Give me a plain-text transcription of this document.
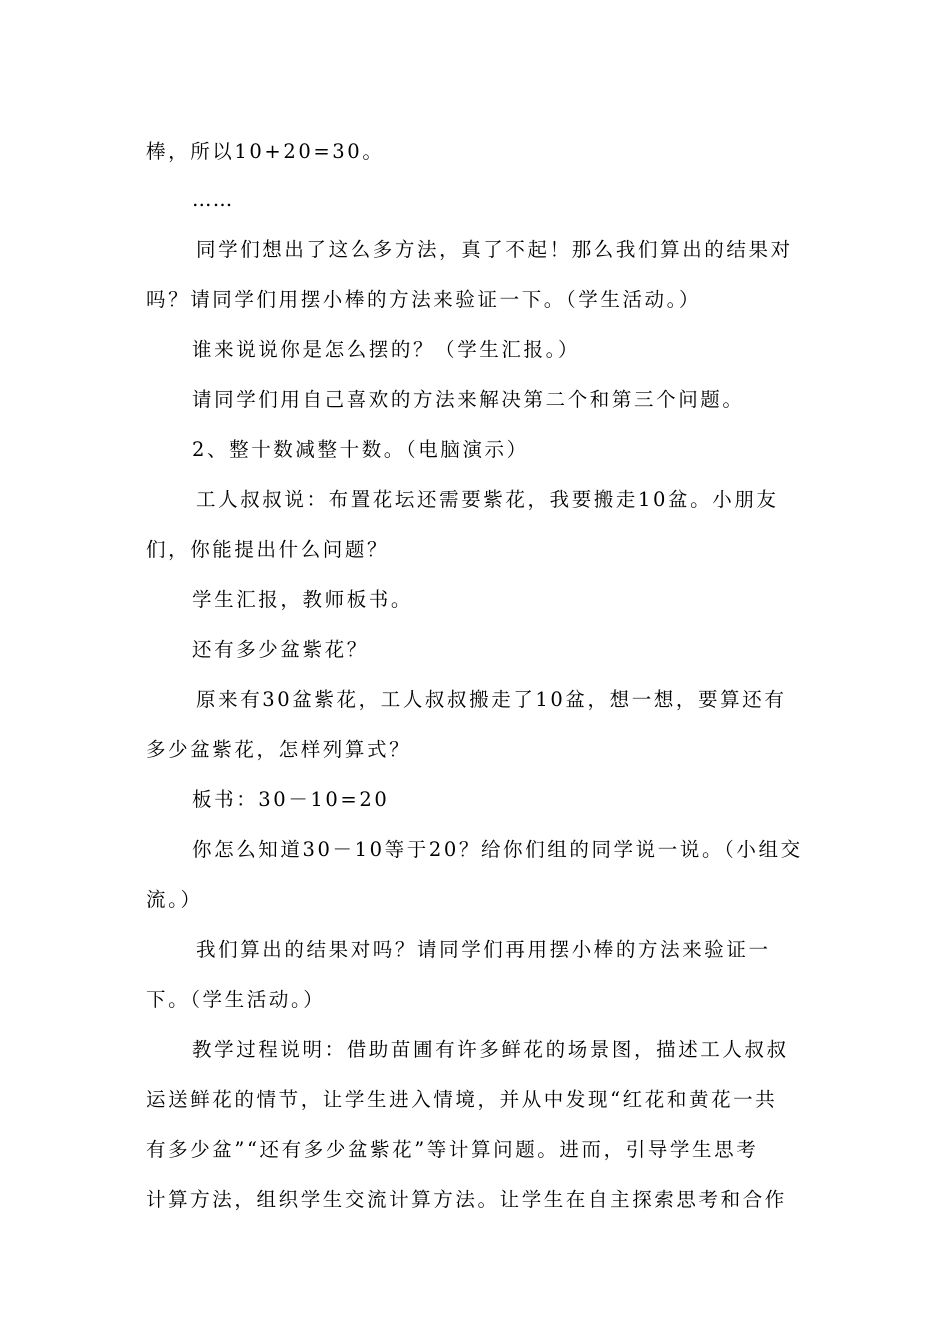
棒，所以10+20=30。
……
同学们想出了这么多方法，真了不起！那么我们算出的结果对
吗？请同学们用摆小棒的方法来验证一下。（学生活动。）
谁来说说你是怎么摆的？（学生汇报。）
请同学们用自己喜欢的方法来解决第二个和第三个问题。
2、整十数减整十数。（电脑演示）
工人叔叔说：布置花坛还需要紫花，我要搬走10盆。小朋友
们，你能提出什么问题？
学生汇报，教师板书。
还有多少盆紫花？
原来有30盆紫花，工人叔叔搬走了10盆，想一想，要算还有
多少盆紫花，怎样列算式？
板书：30－10=20
你怎么知道30－10等于20？给你们组的同学说一说。（小组交
流。）
我们算出的结果对吗？请同学们再用摆小棒的方法来验证一
下。（学生活动。）
教学过程说明：借助苗圃有许多鲜花的场景图，描述工人叔叔
运送鲜花的情节，让学生进入情境，并从中发现“红花和黄花一共
有多少盆”“还有多少盆紫花”等计算问题。进而，引导学生思考
计算方法，组织学生交流计算方法。让学生在自主探索思考和合作
